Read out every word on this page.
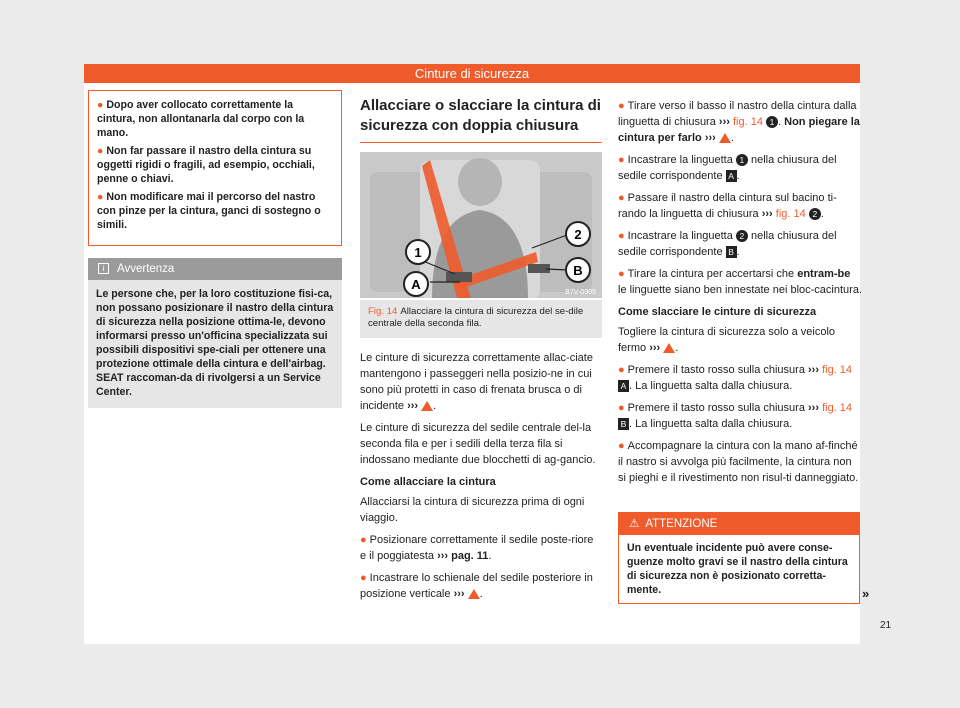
Cinture di sicurezza

● Dopo aver collocato correttamente la cintura, non allontanarla dal corpo con la mano.

● Non far passare il nastro della cintura su oggetti rigidi o fragili, ad esempio, occhiali, penne o chiavi.

● Non modificare mai il percorso del nastro con pinze per la cintura, ganci di sostegno o simili.

i Avvertenza
Le persone che, per la loro costituzione fisi-ca, non possano posizionare il nastro della cintura di sicurezza nella posizione ottima-le, devono informarsi presso un'officina specializzata sui possibili dispositivi spe-ciali per ottenere una protezione ottimale della cintura e dell'airbag. SEAT raccoman-da di rivolgersi a un Service Center.
Allacciare o slacciare la cintura di sicurezza con doppia chiusura
1
A
2
B
B7V-0905
Fig. 14 Allacciare la cintura di sicurezza del se-dile centrale della seconda fila.

Le cinture di sicurezza correttamente allac-ciate mantengono i passeggeri nella posizio-ne in cui sono più protetti in caso di frenata brusca o di incidente ››› .

Le cinture di sicurezza del sedile centrale del-la seconda fila e per i sedili della terza fila si indossano mediante due blocchetti di ag-gancio.

Come allacciare la cintura

Allacciarsi la cintura di sicurezza prima di ogni viaggio.

● Posizionare correttamente il sedile poste-riore e il poggiatesta ››› pag. 11.

● Incastrare lo schienale del sedile posteriore in posizione verticale ››› .

● Tirare verso il basso il nastro della cintura dalla linguetta di chiusura ››› fig. 14 1 . Non piegare la cintura per farlo ››› .

● Incastrare la linguetta 1 nella chiusura del sedile corrispondente A .

● Passare il nastro della cintura sul bacino ti-rando la linguetta di chiusura ››› fig. 14 2 .

● Incastrare la linguetta 2 nella chiusura del sedile corrispondente B .

● Tirare la cintura per accertarsi che entram-be le linguette siano ben innestate nei bloc-cacintura.

Come slacciare le cinture di sicurezza

Togliere la cintura di sicurezza solo a veicolo fermo ››› .

● Premere il tasto rosso sulla chiusura ››› fig. 14 A . La linguetta salta dalla chiusura.

● Premere il tasto rosso sulla chiusura ››› fig. 14 B . La linguetta salta dalla chiusura.

● Accompagnare la cintura con la mano af-finché il nastro si avvolga più facilmente, la cintura non si pieghi e il rivestimento non risul-ti danneggiato.

⚠ ATTENZIONE
Un eventuale incidente può avere conse-guenze molto gravi se il nastro della cintura di sicurezza non è posizionato corretta-mente.	»
21
